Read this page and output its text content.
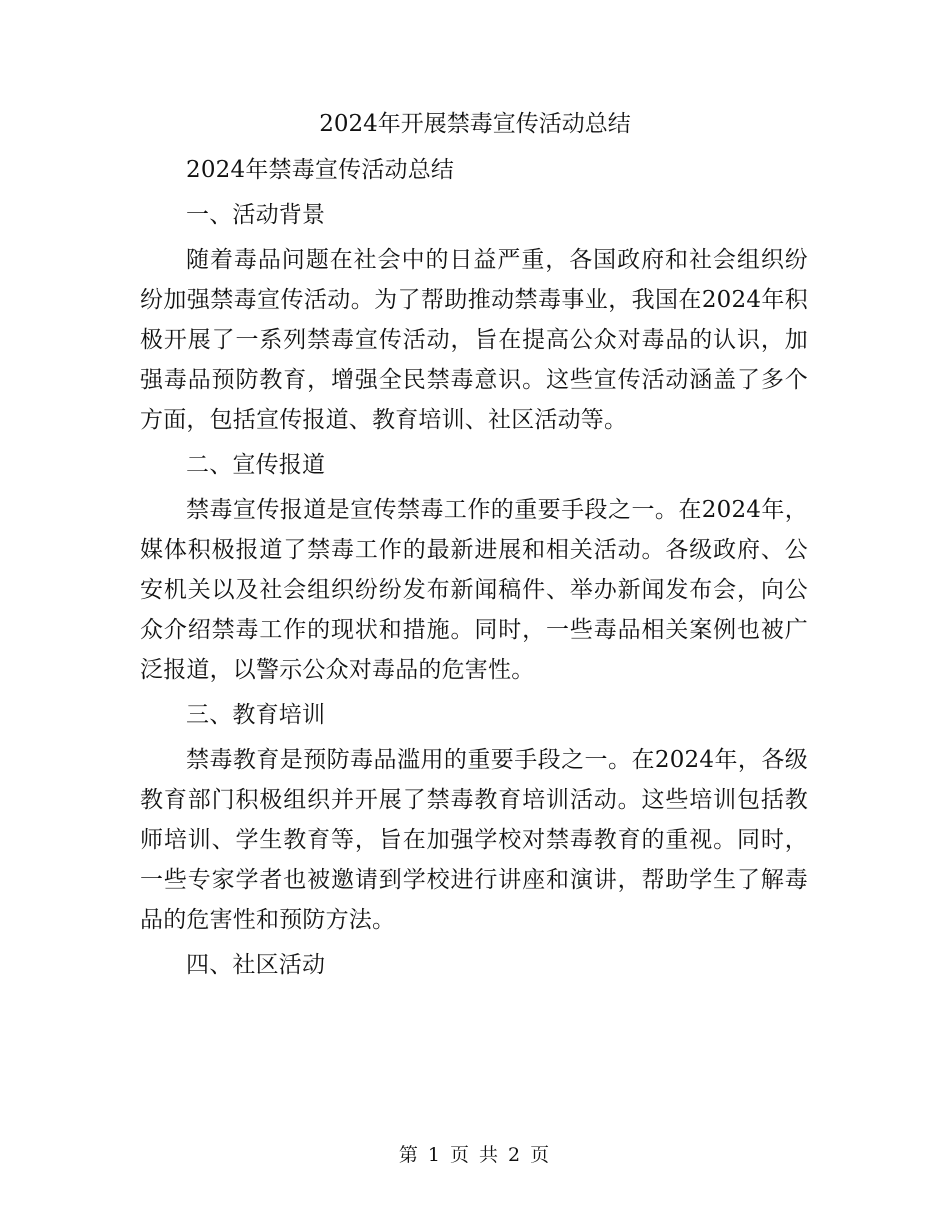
2024年开展禁毒宣传活动总结

2024年禁毒宣传活动总结

一、活动背景

随着毒品问题在社会中的日益严重，各国政府和社会组织纷纷加强禁毒宣传活动。为了帮助推动禁毒事业，我国在2024年积极开展了一系列禁毒宣传活动，旨在提高公众对毒品的认识，加强毒品预防教育，增强全民禁毒意识。这些宣传活动涵盖了多个方面，包括宣传报道、教育培训、社区活动等。

二、宣传报道

禁毒宣传报道是宣传禁毒工作的重要手段之一。在2024年，媒体积极报道了禁毒工作的最新进展和相关活动。各级政府、公安机关以及社会组织纷纷发布新闻稿件、举办新闻发布会，向公众介绍禁毒工作的现状和措施。同时，一些毒品相关案例也被广泛报道，以警示公众对毒品的危害性。

三、教育培训

禁毒教育是预防毒品滥用的重要手段之一。在2024年，各级教育部门积极组织并开展了禁毒教育培训活动。这些培训包括教师培训、学生教育等，旨在加强学校对禁毒教育的重视。同时，一些专家学者也被邀请到学校进行讲座和演讲，帮助学生了解毒品的危害性和预防方法。

四、社区活动

第 1 页 共 2 页
